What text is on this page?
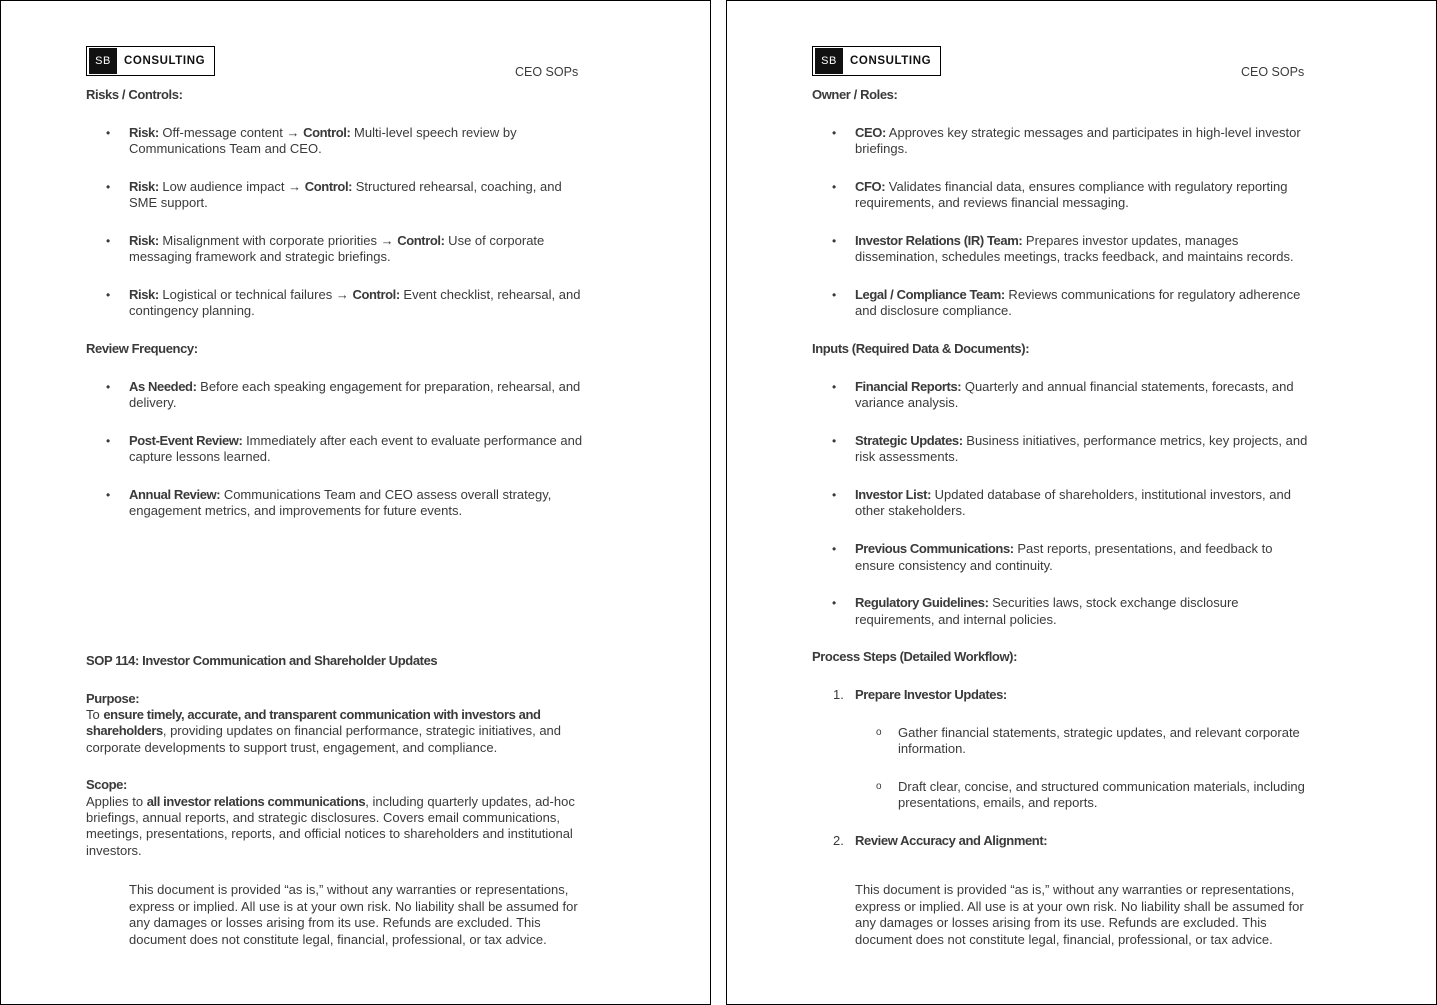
SB	CONSULTING
CEO SOPs

Risks / Controls:

• Risk: Off-message content → Control: Multi-level speech review by Communications Team and CEO.
• Risk: Low audience impact → Control: Structured rehearsal, coaching, and SME support.
• Risk: Misalignment with corporate priorities → Control: Use of corporate messaging framework and strategic briefings.
• Risk: Logistical or technical failures → Control: Event checklist, rehearsal, and contingency planning.

Review Frequency:

• As Needed: Before each speaking engagement for preparation, rehearsal, and delivery.
• Post-Event Review: Immediately after each event to evaluate performance and capture lessons learned.
• Annual Review: Communications Team and CEO assess overall strategy, engagement metrics, and improvements for future events.

SOP 114: Investor Communication and Shareholder Updates

Purpose:

To ensure timely, accurate, and transparent communication with investors and shareholders, providing updates on financial performance, strategic initiatives, and corporate developments to support trust, engagement, and compliance.

Scope:

Applies to all investor relations communications, including quarterly updates, ad-hoc briefings, annual reports, and strategic disclosures. Covers email communications, meetings, presentations, reports, and official notices to shareholders and institutional investors.

This document is provided “as is,” without any warranties or representations, express or implied. All use is at your own risk. No liability shall be assumed for any damages or losses arising from its use. Refunds are excluded. This document does not constitute legal, financial, professional, or tax advice.
SB	CONSULTING
CEO SOPs

Owner / Roles:

• CEO: Approves key strategic messages and participates in high-level investor briefings.
• CFO: Validates financial data, ensures compliance with regulatory reporting requirements, and reviews financial messaging.
• Investor Relations (IR) Team: Prepares investor updates, manages dissemination, schedules meetings, tracks feedback, and maintains records.
• Legal / Compliance Team: Reviews communications for regulatory adherence and disclosure compliance.

Inputs (Required Data & Documents):

• Financial Reports: Quarterly and annual financial statements, forecasts, and variance analysis.
• Strategic Updates: Business initiatives, performance metrics, key projects, and risk assessments.
• Investor List: Updated database of shareholders, institutional investors, and other stakeholders.
• Previous Communications: Past reports, presentations, and feedback to ensure consistency and continuity.
• Regulatory Guidelines: Securities laws, stock exchange disclosure requirements, and internal policies.

Process Steps (Detailed Workflow):

1. Prepare Investor Updates:
o Gather financial statements, strategic updates, and relevant corporate information.
o Draft clear, concise, and structured communication materials, including presentations, emails, and reports.
2. Review Accuracy and Alignment:
This document is provided “as is,” without any warranties or representations, express or implied. All use is at your own risk. No liability shall be assumed for any damages or losses arising from its use. Refunds are excluded. This document does not constitute legal, financial, professional, or tax advice.
